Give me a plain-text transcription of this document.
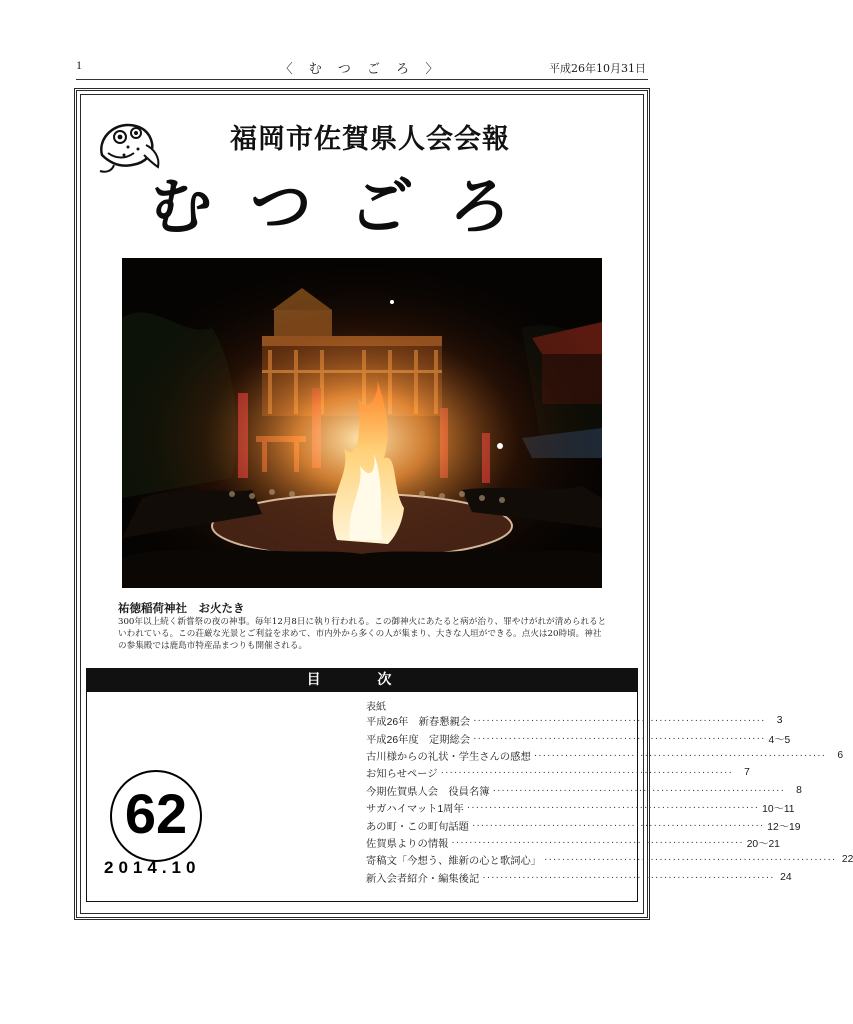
1	〈 む つ ご ろ 〉	平成26年10月31日
福岡市佐賀県人会会報
むつごろ
祐徳稲荷神社　お火たき
300年以上続く新嘗祭の夜の神事。毎年12月8日に執り行われる。この御神火にあたると病が治り、罪やけがれが清められるといわれている。この荘厳な光景とご利益を求めて、市内外から多くの人が集まり、大きな人垣ができる。点火は20時頃。神社の参集殿では鹿島市特産品まつりも開催される。
目 次
表紙
平成26年　新春懇親会 ··································································	3
平成26年度　定期総会 ·································································· 4〜5
古川様からの礼状・学生さんの感想 ··································································	6
お知らせページ ··································································	7
今期佐賀県人会　役員名簿 ··································································	8
サガハイマット1周年 ·································································· 10〜11
あの町・この町旬話題 ·································································· 12〜19
佐賀県よりの情報 ·································································· 20〜21
寄稿文「今想う、維新の心と歌詞心」 ·································································· 22
新入会者紹介・編集後記 ·································································· 24
62
2014.10
